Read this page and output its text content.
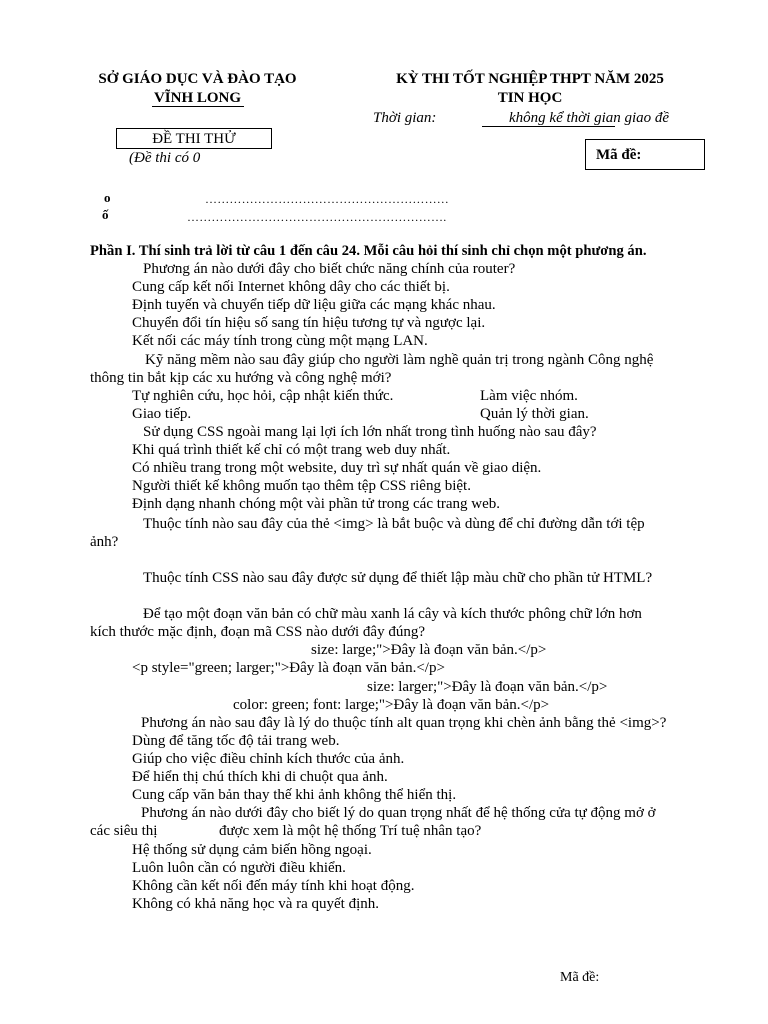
SỞ GIÁO DỤC VÀ ĐÀO TẠO
VĨNH LONG
KỲ THI TỐT NGHIỆP THPT NĂM 2025
TIN HỌC
Thời gian:	không kể thời gian giao đề
ĐỀ THI THỬ
(Đề thi có 0	Mã đề:
o	……………………………………………………
ố	……………………………………………………….
Phần I. Thí sinh trả lời từ câu 1 đến câu 24. Mỗi câu hỏi thí sinh chỉ chọn một phương án.
Phương án nào dưới đây cho biết chức năng chính của router?
Cung cấp kết nối Internet không dây cho các thiết bị.
Định tuyến và chuyển tiếp dữ liệu giữa các mạng khác nhau.
Chuyển đổi tín hiệu số sang tín hiệu tương tự và ngược lại.
Kết nối các máy tính trong cùng một mạng LAN.
Kỹ năng mềm nào sau đây giúp cho người làm nghề quản trị trong ngành Công nghệ
thông tin bắt kịp các xu hướng và công nghệ mới?
Tự nghiên cứu, học hỏi, cập nhật kiến thức.	Làm việc nhóm.
Giao tiếp.	Quản lý thời gian.
Sử dụng CSS ngoài mang lại lợi ích lớn nhất trong tình huống nào sau đây?
Khi quá trình thiết kế chỉ có một trang web duy nhất.
Có nhiều trang trong một website, duy trì sự nhất quán về giao diện.
Người thiết kế không muốn tạo thêm tệp CSS riêng biệt.
Định dạng nhanh chóng một vài phần tử trong các trang web.
Thuộc tính nào sau đây của thẻ <img> là bắt buộc và dùng để chỉ đường dẫn tới tệp
ảnh?
Thuộc tính CSS nào sau đây được sử dụng để thiết lập màu chữ cho phần tử HTML?
Để tạo một đoạn văn bản có chữ màu xanh lá cây và kích thước phông chữ lớn hơn
kích thước mặc định, đoạn mã CSS nào dưới đây đúng?
size: large;">Đây là đoạn văn bản.</p>
<p style="green; larger;">Đây là đoạn văn bản.</p>
size: larger;">Đây là đoạn văn bản.</p>
color: green; font: large;">Đây là đoạn văn bản.</p>
Phương án nào sau đây là lý do thuộc tính alt quan trọng khi chèn ảnh bằng thẻ <img>?
Dùng để tăng tốc độ tải trang web.
Giúp cho việc điều chỉnh kích thước của ảnh.
Để hiển thị chú thích khi di chuột qua ảnh.
Cung cấp văn bản thay thế khi ảnh không thể hiển thị.
Phương án nào dưới đây cho biết lý do quan trọng nhất để hệ thống cửa tự động mở ở
các siêu thị	được xem là một hệ thống Trí tuệ nhân tạo?
Hệ thống sử dụng cảm biến hồng ngoại.
Luôn luôn cần có người điều khiển.
Không cần kết nối đến máy tính khi hoạt động.
Không có khả năng học và ra quyết định.
Mã đề:
